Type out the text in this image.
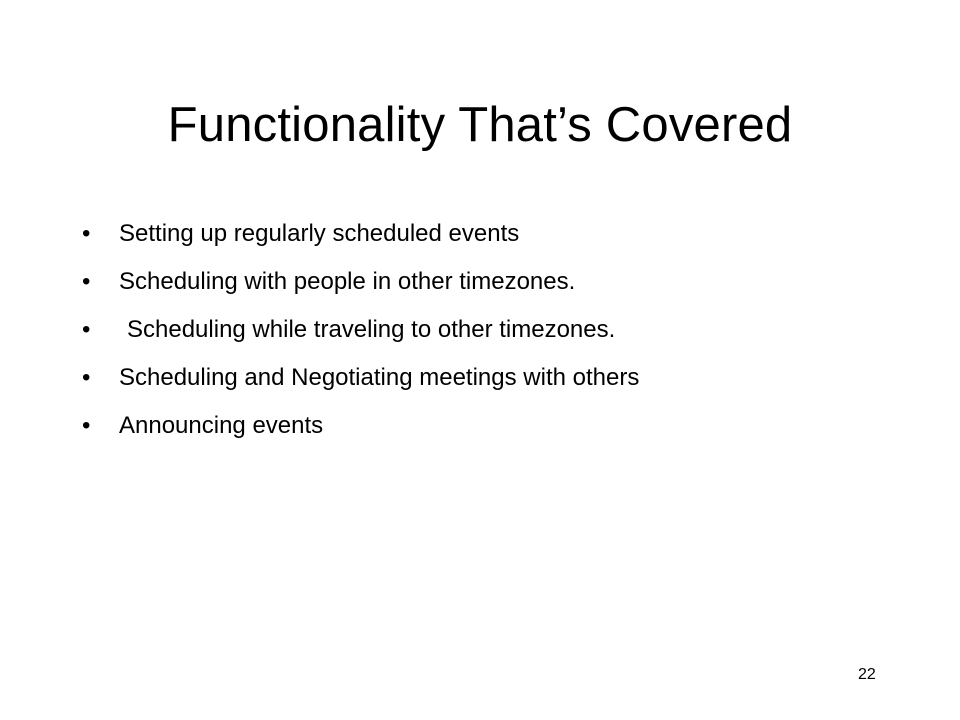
Functionality That’s Covered
•	Setting up regularly scheduled events
•	Scheduling with people in other timezones.
•	Scheduling while traveling to other timezones.
•	Scheduling and Negotiating meetings with others
•	Announcing events
22
